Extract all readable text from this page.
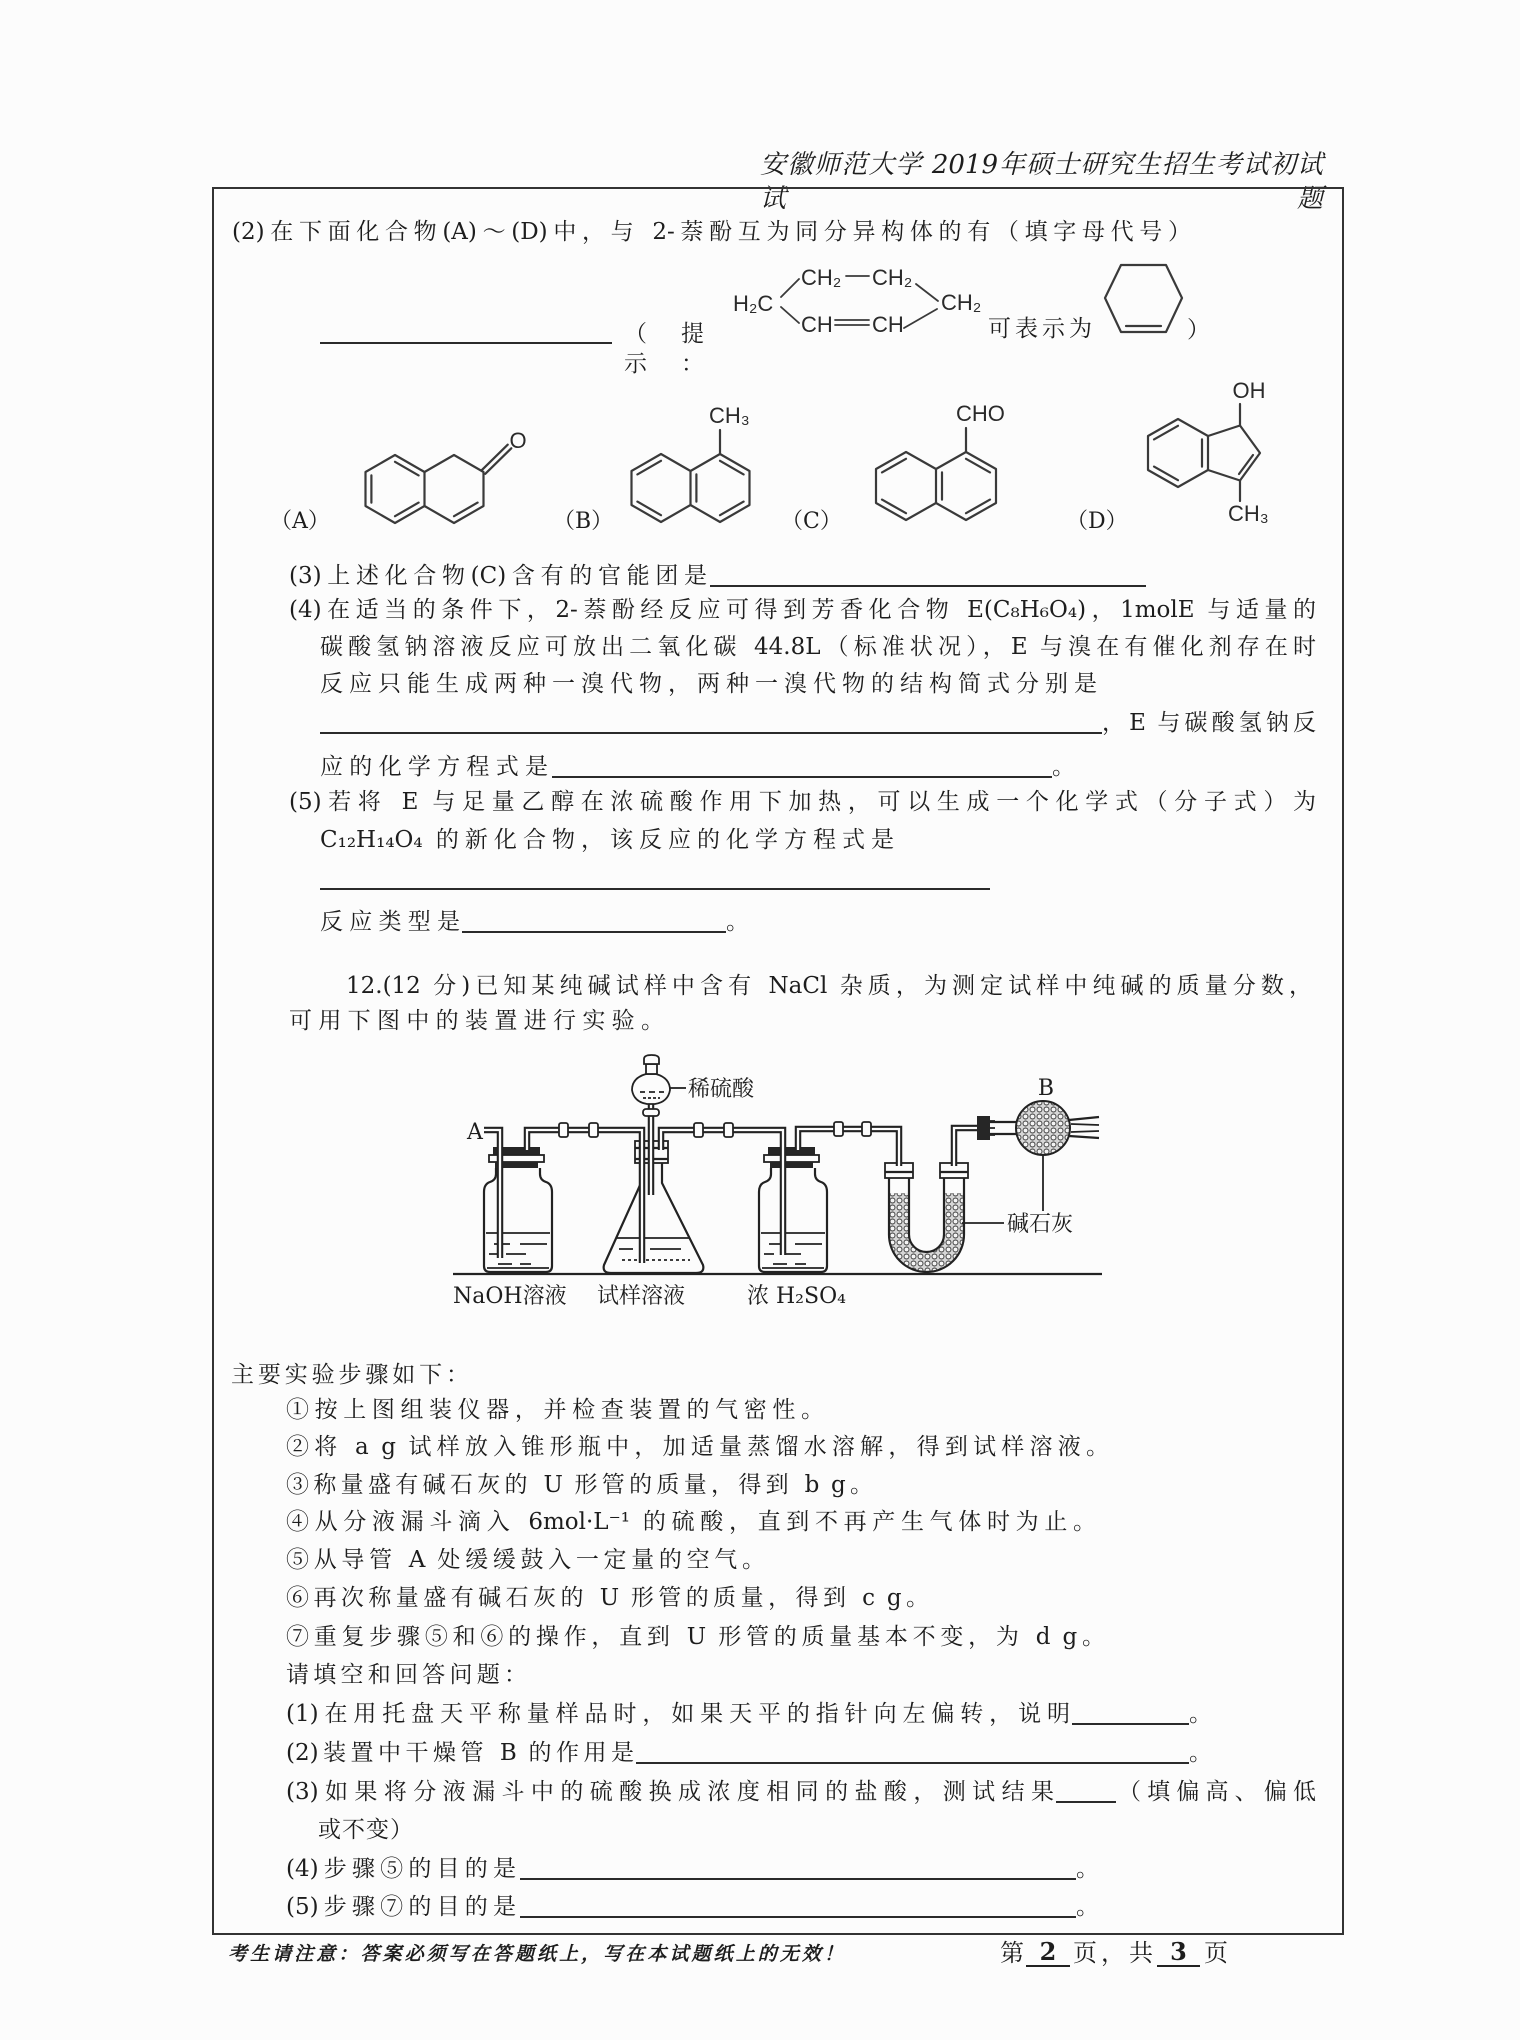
安徽师范大学 2019年硕士研究生招生考试初试试题
(2)在下面化合物(A)～(D)中，与 2-萘酚互为同分异构体的有（填字母代号）
（提示：
可表示为	）
（A）	（B）	（C）	（D）
(3)上述化合物(C)含有的官能团是
(4)在适当的条件下，2-萘酚经反应可得到芳香化合物 E(C₈H₆O₄)，1molE 与适量的
碳酸氢钠溶液反应可放出二氧化碳 44.8L（标准状况），E 与溴在有催化剂存在时
反应只能生成两种一溴代物，两种一溴代物的结构简式分别是
，E 与碳酸氢钠反
应的化学方程式是	。
(5)若将 E 与足量乙醇在浓硫酸作用下加热，可以生成一个化学式（分子式）为
C₁₂H₁₄O₄ 的新化合物，该反应的化学方程式是
反应类型是	。
12.(12 分)已知某纯碱试样中含有 NaCl 杂质，为测定试样中纯碱的质量分数，
可用下图中的装置进行实验。
主要实验步骤如下：
①按上图组装仪器，并检查装置的气密性。
②将 a g 试样放入锥形瓶中，加适量蒸馏水溶解，得到试样溶液。
③称量盛有碱石灰的 U 形管的质量，得到 b g。
④从分液漏斗滴入 6mol·L⁻¹ 的硫酸，直到不再产生气体时为止。
⑤从导管 A 处缓缓鼓入一定量的空气。
⑥再次称量盛有碱石灰的 U 形管的质量，得到 c g。
⑦重复步骤⑤和⑥的操作，直到 U 形管的质量基本不变，为 d g。
请填空和回答问题：
(1)在用托盘天平称量样品时，如果天平的指针向左偏转，说明	。
(2)装置中干燥管 B 的作用是	。
(3)如果将分液漏斗中的硫酸换成浓度相同的盐酸，测试结果	（填偏高、偏低
或不变）
(4)步骤⑤的目的是	。
(5)步骤⑦的目的是	。
考生请注意：答案必须写在答题纸上，写在本试题纸上的无效！	第 2 页，共 3 页
H₂C
CH₂ CH₂
CH CH
CH₂
O
CH₃	CHO
OH
CH₃
A
稀硫酸	B
碱石灰
NaOH溶液 试样溶液	浓 H₂SO₄
